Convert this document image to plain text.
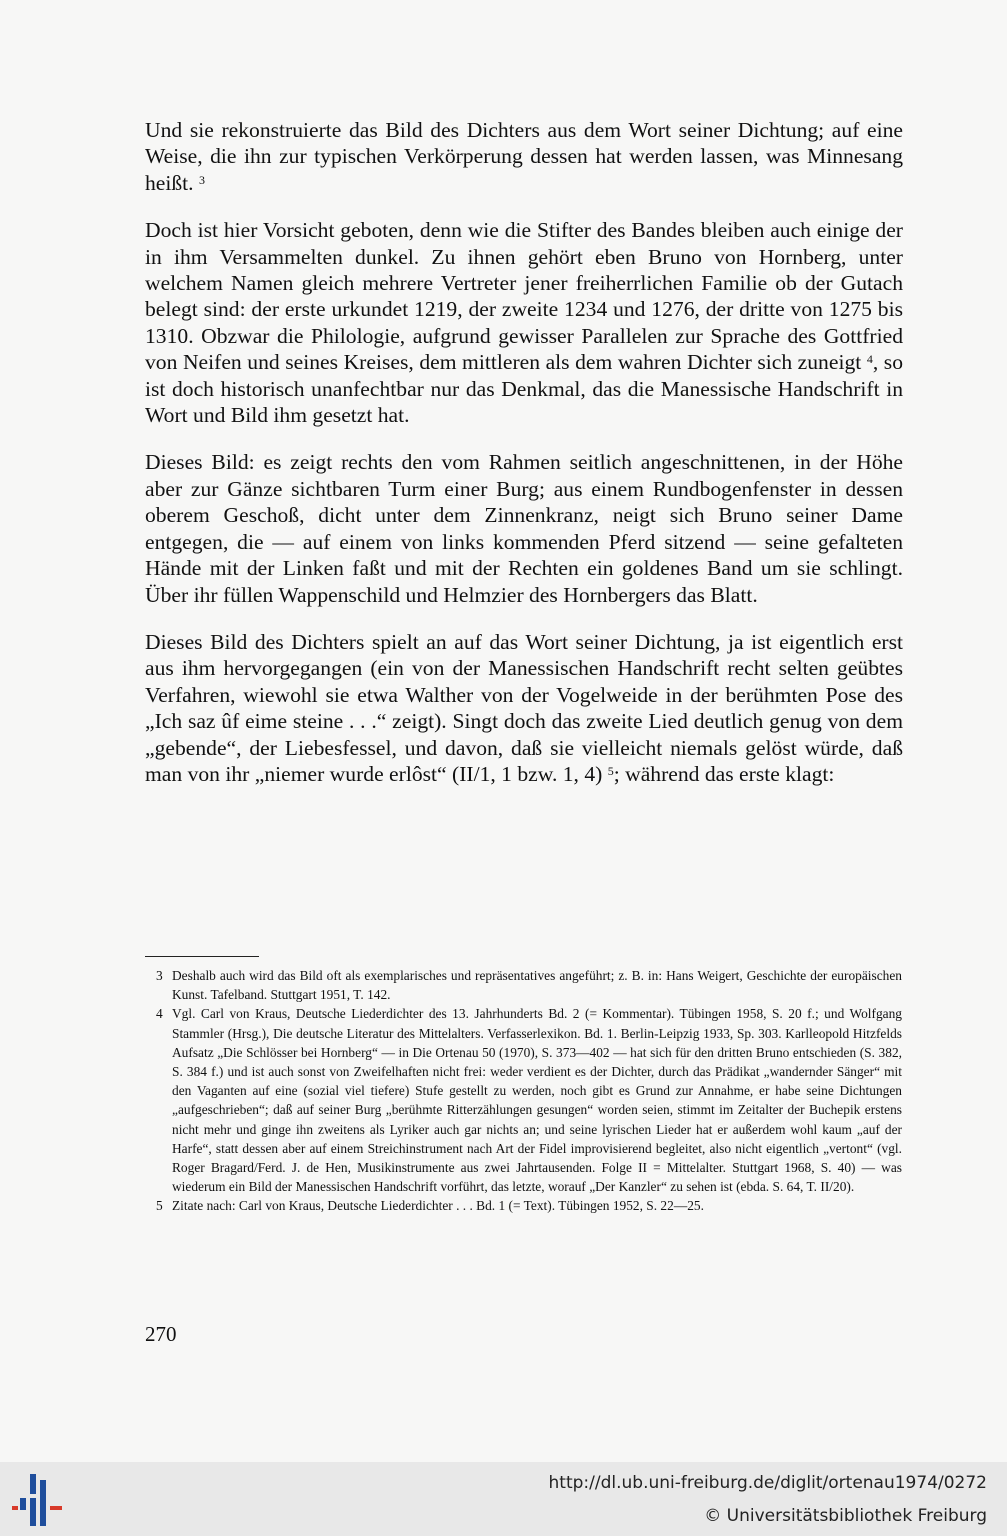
Und sie rekonstruierte das Bild des Dichters aus dem Wort seiner Dichtung; auf eine Weise, die ihn zur typischen Verkörperung dessen hat werden lassen, was Minnesang heißt. $^3$

Doch ist hier Vorsicht geboten, denn wie die Stifter des Bandes bleiben auch einige der in ihm Versammelten dunkel. Zu ihnen gehört eben Bruno von Hornberg, unter welchem Namen gleich mehrere Vertreter jener freiherrlichen Familie ob der Gutach belegt sind: der erste urkundet 1219, der zweite 1234 und 1276, der dritte von 1275 bis 1310. Obzwar die Philologie, aufgrund gewisser Parallelen zur Sprache des Gottfried von Neifen und seines Kreises, dem mittleren als dem wahren Dichter sich zuneigt $^4$, so ist doch historisch unanfechtbar nur das Denkmal, das die Manessische Handschrift in Wort und Bild ihm gesetzt hat.

Dieses Bild: es zeigt rechts den vom Rahmen seitlich angeschnittenen, in der Höhe aber zur Gänze sichtbaren Turm einer Burg; aus einem Rundbogenfenster in dessen oberem Geschoß, dicht unter dem Zinnenkranz, neigt sich Bruno seiner Dame entgegen, die — auf einem von links kommenden Pferd sitzend — seine gefalteten Hände mit der Linken faßt und mit der Rechten ein goldenes Band um sie schlingt. Über ihr füllen Wappenschild und Helmzier des Hornbergers das Blatt.

Dieses Bild des Dichters spielt an auf das Wort seiner Dichtung, ja ist eigentlich erst aus ihm hervorgegangen (ein von der Manessischen Handschrift recht selten geübtes Verfahren, wiewohl sie etwa Walther von der Vogelweide in der berühmten Pose des „Ich saz ûf eime steine . . .“ zeigt). Singt doch das zweite Lied deutlich genug von dem „gebende“, der Liebesfessel, und davon, daß sie vielleicht niemals gelöst würde, daß man von ihr „niemer wurde erlôst“ (II/1, 1 bzw. 1, 4) $^5$; während das erste klagt:

3 Deshalb auch wird das Bild oft als exemplarisches und repräsentatives angeführt; z. B. in: Hans Weigert, Geschichte der europäischen Kunst. Tafelband. Stuttgart 1951, T. 142.

4 Vgl. Carl von Kraus, Deutsche Liederdichter des 13. Jahrhunderts Bd. 2 (= Kommentar). Tübingen 1958, S. 20 f.; und Wolfgang Stammler (Hrsg.), Die deutsche Literatur des Mittelalters. Verfasserlexikon. Bd. 1. Berlin-Leipzig 1933, Sp. 303. Karlleopold Hitzfelds Aufsatz „Die Schlösser bei Hornberg“ — in Die Ortenau 50 (1970), S. 373—402 — hat sich für den dritten Bruno entschieden (S. 382, S. 384 f.) und ist auch sonst von Zweifelhaften nicht frei: weder verdient es der Dichter, durch das Prädikat „wandernder Sänger“ mit den Vaganten auf eine (sozial viel tiefere) Stufe gestellt zu werden, noch gibt es Grund zur Annahme, er habe seine Dichtungen „aufgeschrieben“; daß auf seiner Burg „berühmte Ritterzählungen gesungen“ worden seien, stimmt im Zeitalter der Buchepik erstens nicht mehr und ginge ihn zweitens als Lyriker auch gar nichts an; und seine lyrischen Lieder hat er außerdem wohl kaum „auf der Harfe“, statt dessen aber auf einem Streichinstrument nach Art der Fidel improvisierend begleitet, also nicht eigentlich „vertont“ (vgl. Roger Bragard/Ferd. J. de Hen, Musikinstrumente aus zwei Jahrtausenden. Folge II = Mittelalter. Stuttgart 1968, S. 40) — was wiederum ein Bild der Manessischen Handschrift vorführt, das letzte, worauf „Der Kanzler“ zu sehen ist (ebda. S. 64, T. II/20).

5 Zitate nach: Carl von Kraus, Deutsche Liederdichter . . . Bd. 1 (= Text). Tübingen 1952, S. 22—25.

270
http://dl.ub.uni-freiburg.de/diglit/ortenau1974/0272
© Universitätsbibliothek Freiburg
